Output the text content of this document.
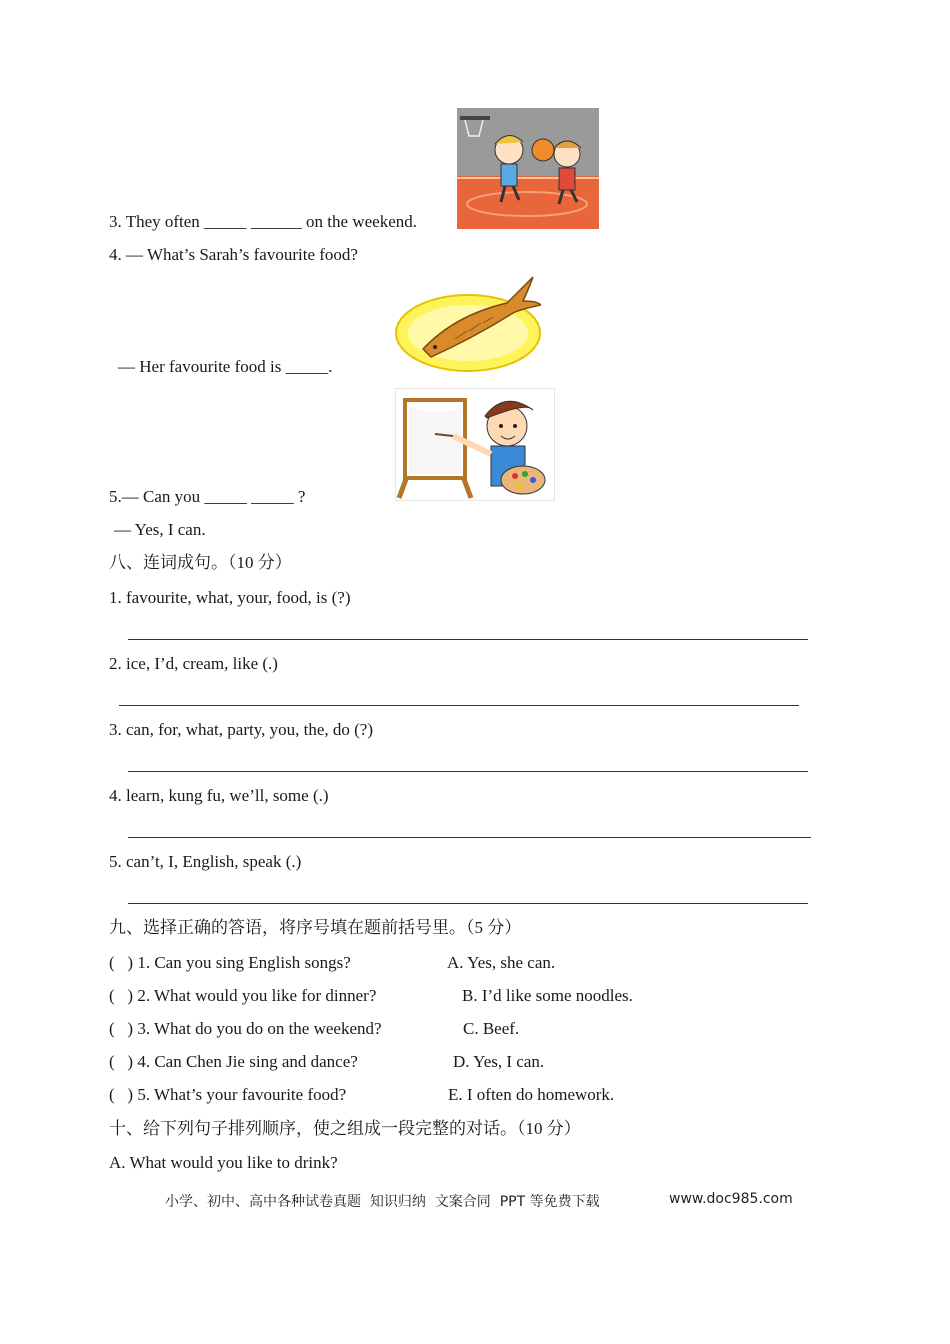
3. They often _____ ______ on the weekend.
4. — What’s Sarah’s favourite food?
— Her favourite food is _____.
5.— Can you _____ _____ ?
— Yes, I can.
八、连词成句。（10 分）
1. favourite, what, your, food, is (?)
2. ice, I’d, cream, like (.)
3. can, for, what, party, you, the, do (?)
4. learn, kung fu, we’ll, some (.)
5. can’t, I, English, speak (.)
九、选择正确的答语，将序号填在题前括号里。（5 分）
(   ) 1. Can you sing English songs?	A. Yes, she can.
(   ) 2. What would you like for dinner?	B. I’d like some noodles.
(   ) 3. What do you do on the weekend?	C. Beef.
(   ) 4. Can Chen Jie sing and dance?	D. Yes, I can.
(   ) 5. What’s your favourite food?	E. I often do homework.
十、给下列句子排列顺序，使之组成一段完整的对话。（10 分）
A. What would you like to drink?
小学、初中、高中各种试卷真题  知识归纳  文案合同  PPT 等免费下载	www.doc985.com
